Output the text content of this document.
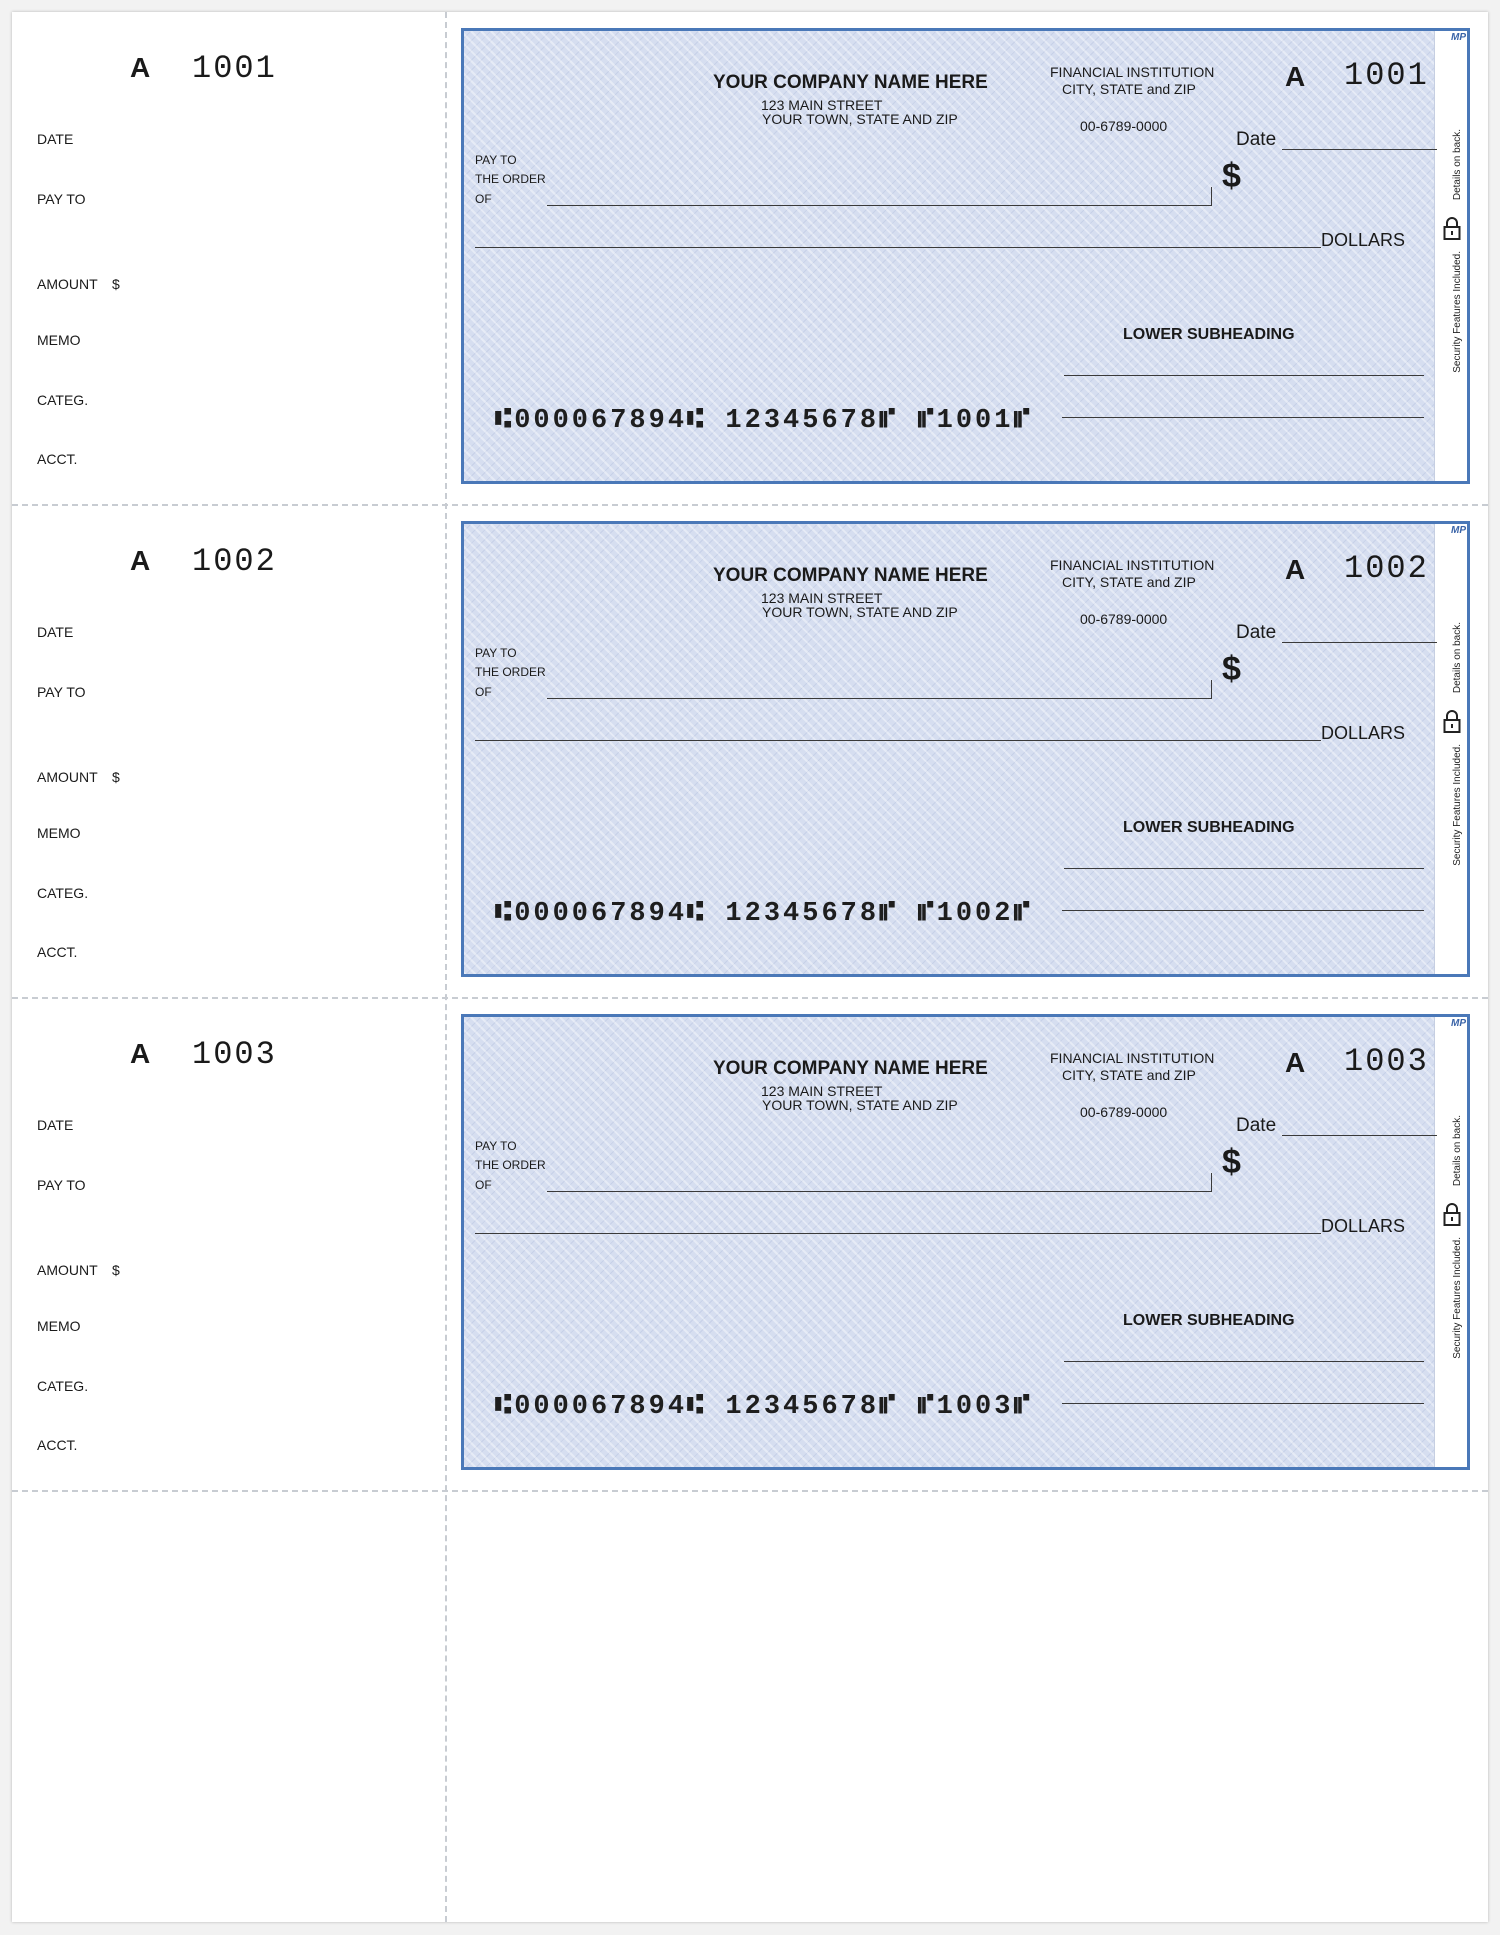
A 1001
DATE
PAY TO
AMOUNT $
MEMO
CATEG.
ACCT.
MP
Details on back.
Security Features Included.
YOUR COMPANY NAME HERE
123 MAIN STREET
YOUR TOWN, STATE AND ZIP
FINANCIAL INSTITUTION
CITY, STATE and ZIP
00-6789-0000
A 1001
Date
PAY TO
THE ORDER
OF
$
DOLLARS
LOWER SUBHEADING
⑆000067894⑆ 12345678⑈ ⑈1001⑈
A 1002
DATE
PAY TO
AMOUNT $
MEMO
CATEG.
ACCT.
MP
Details on back.
Security Features Included.
YOUR COMPANY NAME HERE
123 MAIN STREET
YOUR TOWN, STATE AND ZIP
FINANCIAL INSTITUTION
CITY, STATE and ZIP
00-6789-0000
A 1002
Date
PAY TO
THE ORDER
OF
$
DOLLARS
LOWER SUBHEADING
⑆000067894⑆ 12345678⑈ ⑈1002⑈
A 1003
DATE
PAY TO
AMOUNT $
MEMO
CATEG.
ACCT.
MP
Details on back.
Security Features Included.
YOUR COMPANY NAME HERE
123 MAIN STREET
YOUR TOWN, STATE AND ZIP
FINANCIAL INSTITUTION
CITY, STATE and ZIP
00-6789-0000
A 1003
Date
PAY TO
THE ORDER
OF
$
DOLLARS
LOWER SUBHEADING
⑆000067894⑆ 12345678⑈ ⑈1003⑈
